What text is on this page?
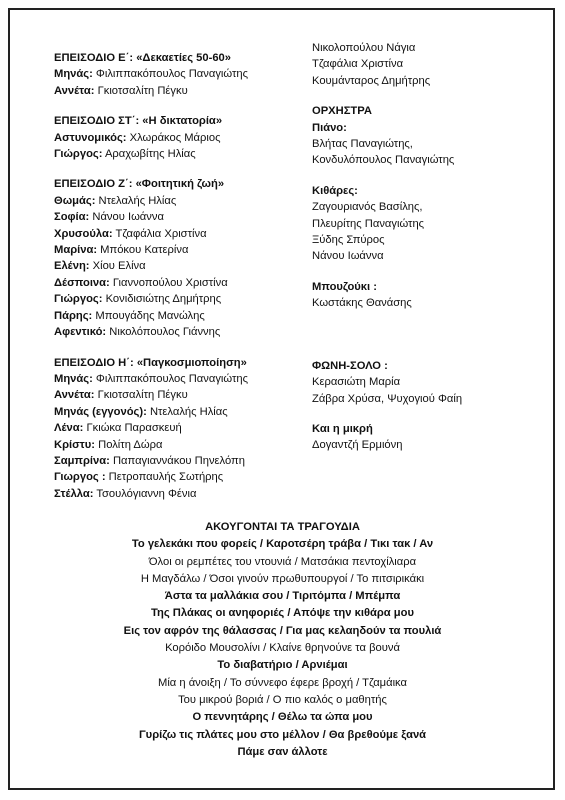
ΕΠΕΙΣΟΔΙΟ Ε΄: «Δεκαετίες 50-60»
Μηνάς: Φιλιππακόπουλος Παναγιώτης
Αννέτα: Γκιοτσαλίτη Πέγκυ
ΕΠΕΙΣΟΔΙΟ ΣΤ΄: «Η δικτατορία»
Αστυνομικός: Χλωράκος Μάριος
Γιώργος: Αραχωβίτης Ηλίας
ΕΠΕΙΣΟΔΙΟ Ζ΄: «Φοιτητική ζωή»
Θωμάς: Ντελαλής Ηλίας
Σοφία: Νάνου Ιωάννα
Χρυσούλα: Τζαφάλια Χριστίνα
Μαρίνα: Μπόκου Κατερίνα
Ελένη: Χίου Ελίνα
Δέσποινα: Γιαννοπούλου Χριστίνα
Γιώργος: Κονιδισιώτης Δημήτρης
Πάρης: Μπουγάδης Μανώλης
Αφεντικό: Νικολόπουλος Γιάννης
ΕΠΕΙΣΟΔΙΟ Η΄: «Παγκοσμιοποίηση»
Μηνάς: Φιλιππακόπουλος Παναγιώτης
Αννέτα: Γκιοτσαλίτη Πέγκυ
Μηνάς (εγγονός): Ντελαλής Ηλίας
Λένα: Γκιώκα Παρασκευή
Κρίστυ: Πολίτη Δώρα
Σαμπρίνα: Παπαγιαννάκου Πηνελόπη
Γιωργος : Πετροπαυλής Σωτήρης
Στέλλα: Τσουλόγιαννη Φένια
Νικολοπούλου Νάγια
Τζαφάλια Χριστίνα
Κουμάνταρος Δημήτρης
ΟΡΧΗΣΤΡΑ
Πιάνο:
Βλήτας Παναγιώτης,
Κονδυλόπουλος Παναγιώτης
Κιθάρες:
Ζαγουριανός Βασίλης,
Πλευρίτης Παναγιώτης
Ξύδης Σπύρος
Νάνου Ιωάννα
Μπουζούκι :
Κωστάκης Θανάσης
ΦΩΝΗ-ΣΟΛΟ :
Κερασιώτη Μαρία
Ζάβρα Χρύσα, Ψυχογιού Φαίη
Και η μικρή
Δογαντζή Ερμιόνη
ΑΚΟΥΓΟΝΤΑΙ ΤΑ ΤΡΑΓΟΥΔΙΑ
Το γελεκάκι που φορείς / Καροτσέρη τράβα / Τικι τακ / Αν
Όλοι οι ρεμπέτες του ντουνιά / Ματσάκια πεντοχίλιαρα
Η Μαγδάλω / Όσοι γινούν πρωθυπουργοί / Το πιτσιρικάκι
Άστα τα μαλλάκια σου / Τιριτόμπα / Μπέμπα
Της Πλάκας οι ανηφοριές / Απόψε την κιθάρα μου
Εις τον αφρόν της θάλασσας / Για μας κελαηδούν τα πουλιά
Κορόιδο Μουσολίνι / Κλαίνε θρηνούνε τα βουνά
Το διαβατήριο / Αρνιέμαι
Μία η άνοιξη / Το σύννεφο έφερε βροχή / Τζαμάικα
Του μικρού βοριά / Ο πιο καλός ο μαθητής
Ο πεννητάρης / Θέλω τα ώπα μου
Γυρίζω τις πλάτες μου στο μέλλον / Θα βρεθούμε ξανά
Πάμε σαν άλλοτε
